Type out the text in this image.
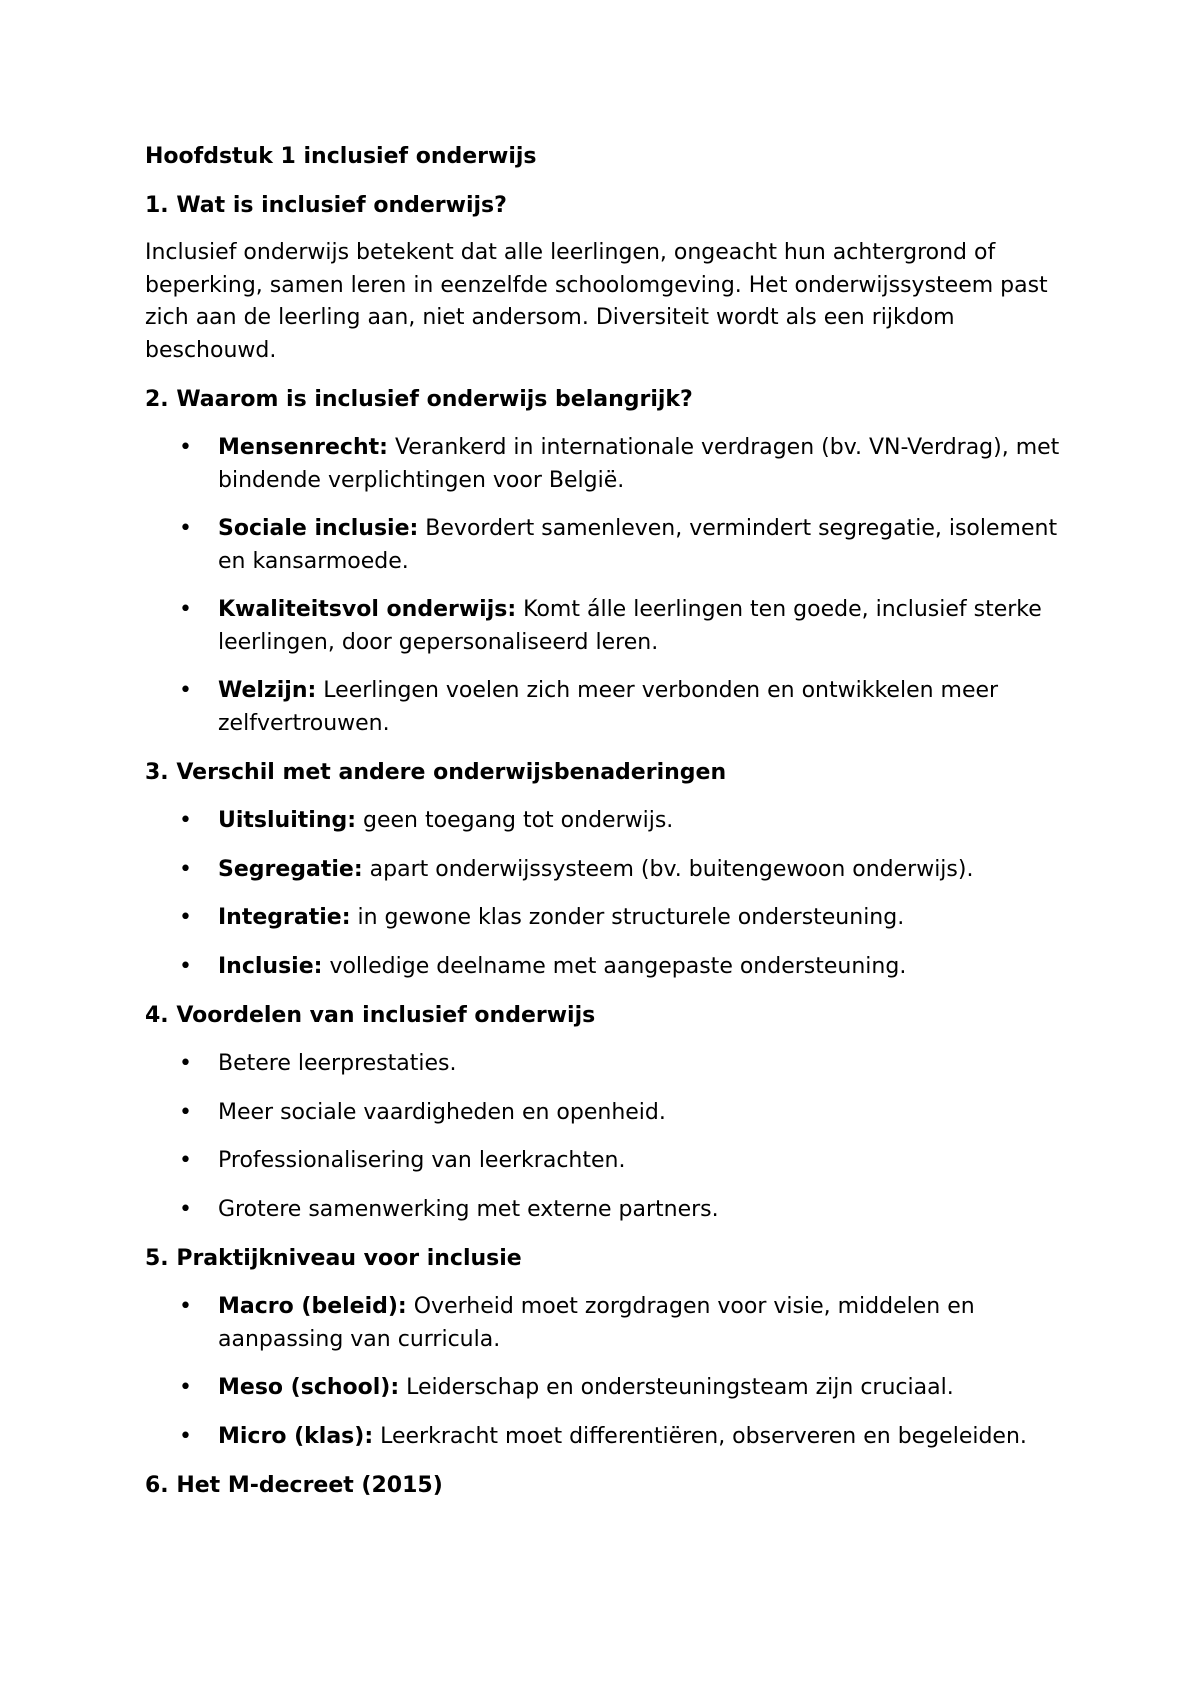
Hoofdstuk 1 inclusief onderwijs
1. Wat is inclusief onderwijs?

Inclusief onderwijs betekent dat alle leerlingen, ongeacht hun achtergrond of beperking, samen leren in eenzelfde schoolomgeving. Het onderwijssysteem past zich aan de leerling aan, niet andersom. Diversiteit wordt als een rijkdom beschouwd.

2. Waarom is inclusief onderwijs belangrijk?
• Mensenrecht: Verankerd in internationale verdragen (bv. VN-Verdrag), met bindende verplichtingen voor België.
• Sociale inclusie: Bevordert samenleven, vermindert segregatie, isolement en kansarmoede.
• Kwaliteitsvol onderwijs: Komt álle leerlingen ten goede, inclusief sterke leerlingen, door gepersonaliseerd leren.
• Welzijn: Leerlingen voelen zich meer verbonden en ontwikkelen meer zelfvertrouwen.
3. Verschil met andere onderwijsbenaderingen
• Uitsluiting: geen toegang tot onderwijs.
• Segregatie: apart onderwijssysteem (bv. buitengewoon onderwijs).
• Integratie: in gewone klas zonder structurele ondersteuning.
• Inclusie: volledige deelname met aangepaste ondersteuning.
4. Voordelen van inclusief onderwijs
• Betere leerprestaties.
• Meer sociale vaardigheden en openheid.
• Professionalisering van leerkrachten.
• Grotere samenwerking met externe partners.
5. Praktijkniveau voor inclusie
• Macro (beleid): Overheid moet zorgdragen voor visie, middelen en aanpassing van curricula.
• Meso (school): Leiderschap en ondersteuningsteam zijn cruciaal.
• Micro (klas): Leerkracht moet differentiëren, observeren en begeleiden.
6. Het M-decreet (2015)
